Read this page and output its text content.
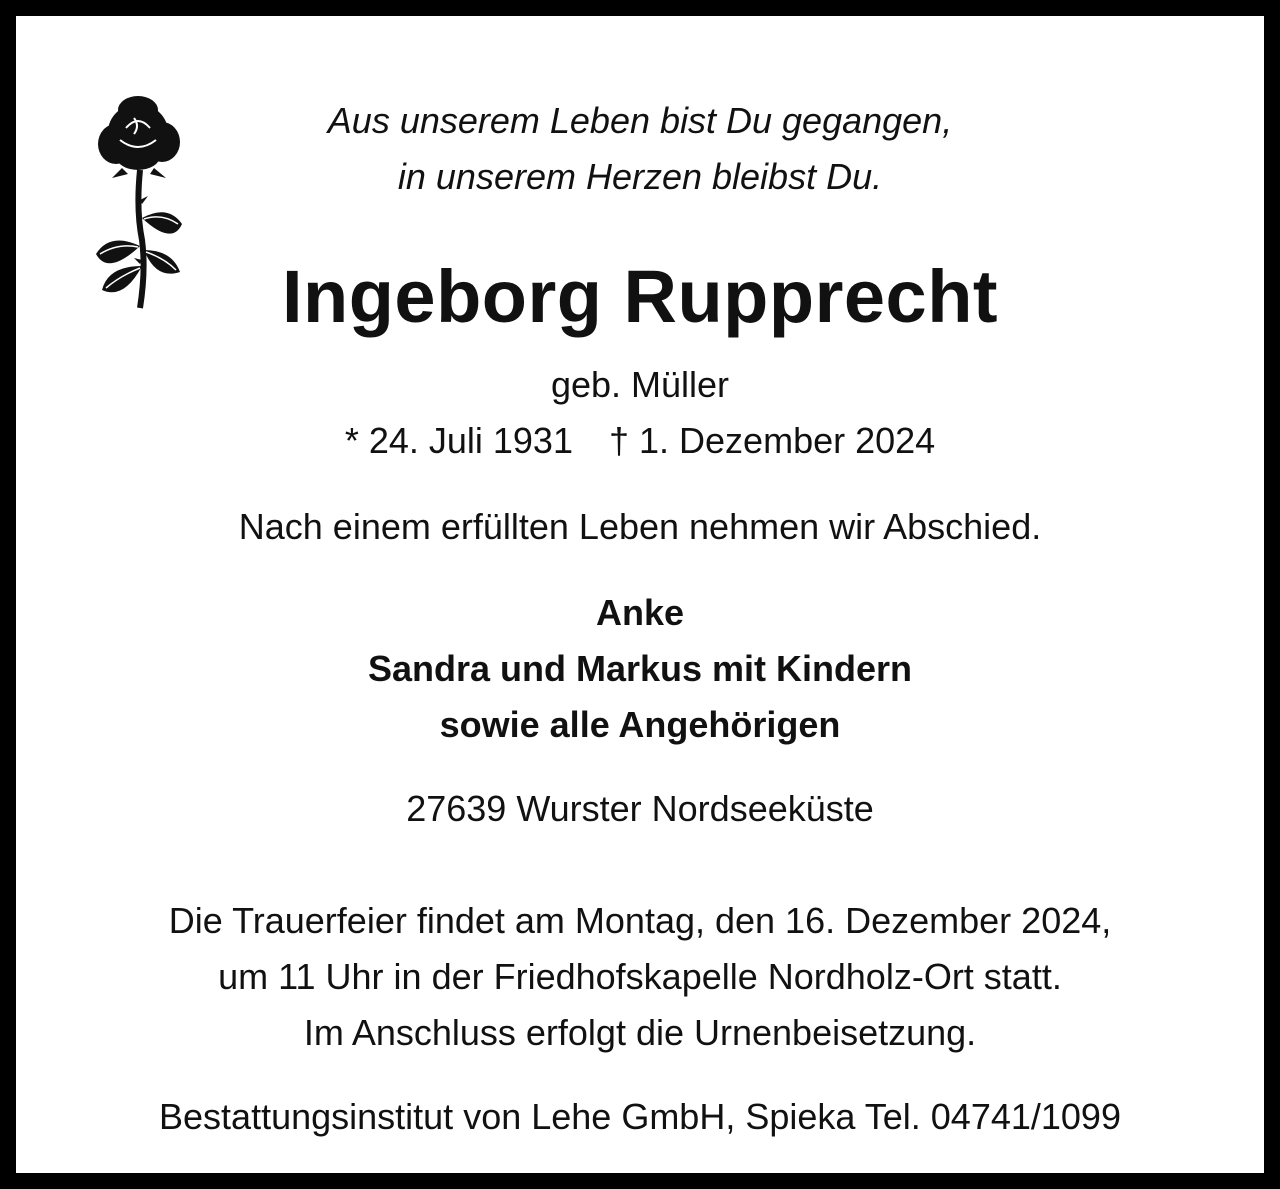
Aus unserem Leben bist Du gegangen,
in unserem Herzen bleibst Du.
Ingeborg Rupprecht
geb. Müller
* 24. Juli 1931 † 1. Dezember 2024
Nach einem erfüllten Leben nehmen wir Abschied.
Anke
Sandra und Markus mit Kindern
sowie alle Angehörigen
27639 Wurster Nordseeküste
Die Trauerfeier findet am Montag, den 16. Dezember 2024,
um 11 Uhr in der Friedhofskapelle Nordholz-Ort statt.
Im Anschluss erfolgt die Urnenbeisetzung.
Bestattungsinstitut von Lehe GmbH, Spieka Tel. 04741/1099
